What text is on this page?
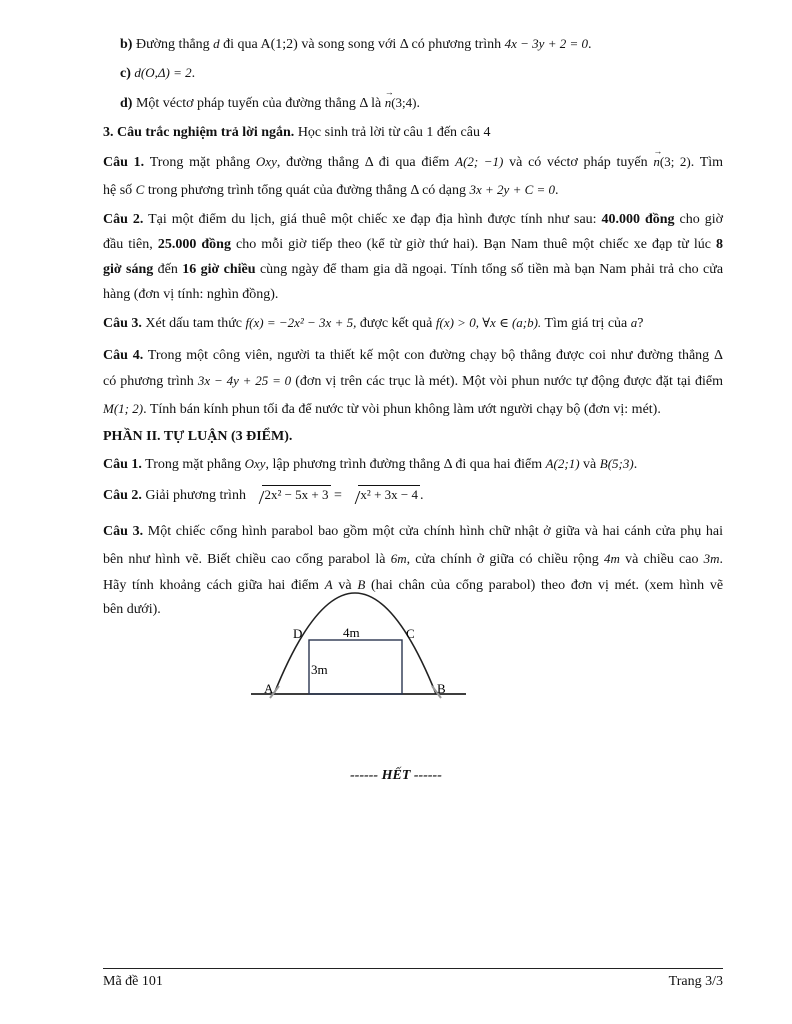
b) Đường thẳng d đi qua A(1;2) và song song với Δ có phương trình 4x − 3y + 2 = 0.
c) d(O,Δ) = 2.
d) Một véctơ pháp tuyến của đường thẳng Δ là → n(3;4).
3. Câu trắc nghiệm trả lời ngắn. Học sinh trả lời từ câu 1 đến câu 4
Câu 1. Trong mặt phẳng Oxy, đường thẳng Δ đi qua điểm A(2; −1) và có véctơ pháp tuyến → n(3; 2). Tìm
hệ số C trong phương trình tổng quát của đường thẳng Δ có dạng 3x + 2y + C = 0.
Câu 2. Tại một điểm du lịch, giá thuê một chiếc xe đạp địa hình được tính như sau: 40.000 đồng cho giờ
đầu tiên, 25.000 đồng cho mỗi giờ tiếp theo (kể từ giờ thứ hai). Bạn Nam thuê một chiếc xe đạp từ lúc 8
giờ sáng đến 16 giờ chiều cùng ngày để tham gia dã ngoại. Tính tổng số tiền mà bạn Nam phải trả cho cửa
hàng (đơn vị tính: nghìn đồng).
Câu 3. Xét dấu tam thức f(x) = −2x² − 3x + 5, được kết quả f(x) > 0, ∀x ∈ (a;b). Tìm giá trị của a?
Câu 4. Trong một công viên, người ta thiết kế một con đường chạy bộ thẳng được coi như đường thẳng Δ
có phương trình 3x − 4y + 25 = 0 (đơn vị trên các trục là mét). Một vòi phun nước tự động được đặt tại điểm
M(1; 2). Tính bán kính phun tối đa để nước từ vòi phun không làm ướt người chạy bộ (đơn vị: mét).
PHẦN II. TỰ LUẬN (3 ĐIỂM).
Câu 1. Trong mặt phẳng Oxy, lập phương trình đường thẳng Δ đi qua hai điểm A(2;1) và B(5;3).
Câu 2. Giải phương trình 2x² − 5x + 3 = x² + 3x − 4 .
Câu 3. Một chiếc cổng hình parabol bao gồm một cửa chính hình chữ nhật ở giữa và hai cánh cửa phụ hai
bên như hình vẽ. Biết chiều cao cổng parabol là 6m, cửa chính ở giữa có chiều rộng 4m và chiều cao 3m.
Hãy tính khoảng cách giữa hai điểm A và B (hai chân của cổng parabol) theo đơn vị mét. (xem hình vẽ
bên dưới).
D	C
A	B
4m
3m
------ HẾT ------
Mã đề 101	Trang 3/3
